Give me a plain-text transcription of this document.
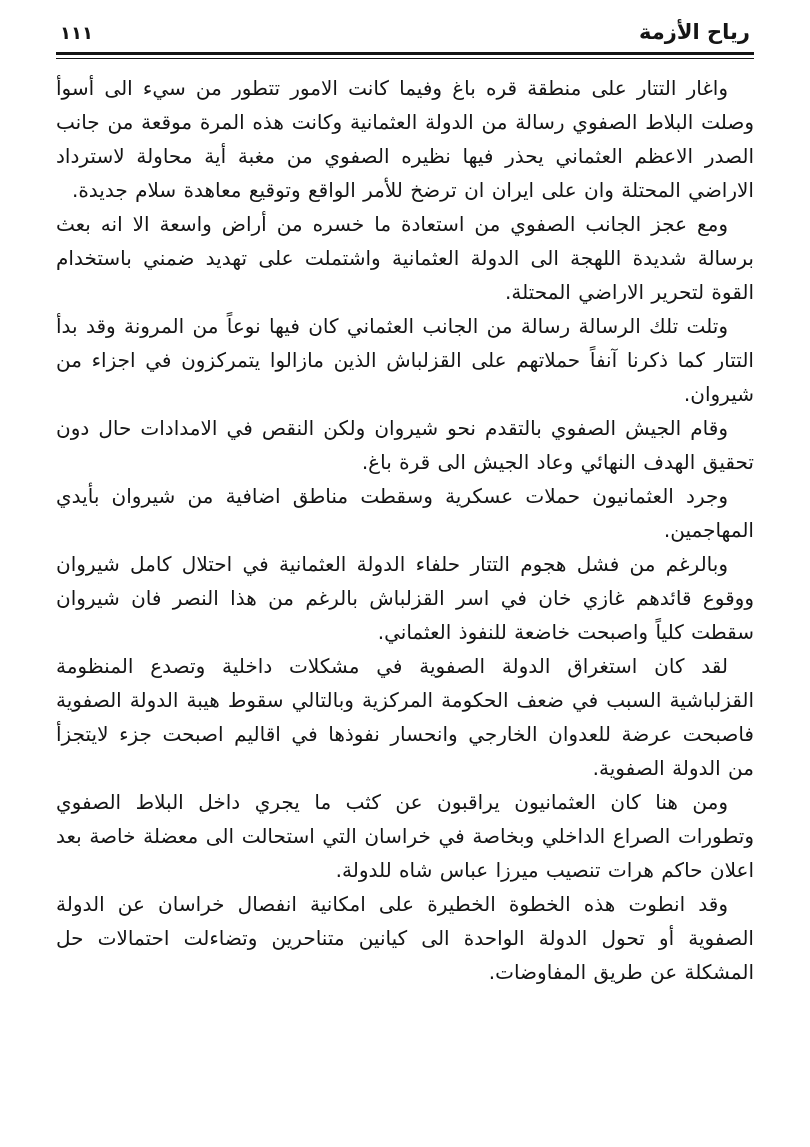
رياح الأزمة
١١١

واغار التتار على منطقة قره باغ وفيما كانت الامور تتطور من سيء الى أسوأ وصلت البلاط الصفوي رسالة من الدولة العثمانية وكانت هذه المرة موقعة من جانب الصدر الاعظم العثماني يحذر فيها نظيره الصفوي من مغبة أية محاولة لاسترداد الاراضي المحتلة وان على ايران ان ترضخ للأمر الواقع وتوقيع معاهدة سلام جديدة.

ومع عجز الجانب الصفوي من استعادة ما خسره من أراض واسعة الا انه بعث برسالة شديدة اللهجة الى الدولة العثمانية واشتملت على تهديد ضمني باستخدام القوة لتحرير الاراضي المحتلة.

وتلت تلك الرسالة رسالة من الجانب العثماني كان فيها نوعاً من المرونة وقد بدأ التتار كما ذكرنا آنفاً حملاتهم على القزلباش الذين مازالوا يتمركزون في اجزاء من شيروان.

وقام الجيش الصفوي بالتقدم نحو شيروان ولكن النقص في الامدادات حال دون تحقيق الهدف النهائي وعاد الجيش الى قرة باغ.

وجرد العثمانيون حملات عسكرية وسقطت مناطق اضافية من شيروان بأيدي المهاجمين.

وبالرغم من فشل هجوم التتار حلفاء الدولة العثمانية في احتلال كامل شيروان ووقوع قائدهم غازي خان في اسر القزلباش بالرغم من هذا النصر فان شيروان سقطت كلياً واصبحت خاضعة للنفوذ العثماني.

لقد كان استغراق الدولة الصفوية في مشكلات داخلية وتصدع المنظومة القزلباشية السبب في ضعف الحكومة المركزية وبالتالي سقوط هيبة الدولة الصفوية فاصبحت عرضة للعدوان الخارجي وانحسار نفوذها في اقاليم اصبحت جزء لايتجزأ من الدولة الصفوية.

ومن هنا كان العثمانيون يراقبون عن كثب ما يجري داخل البلاط الصفوي وتطورات الصراع الداخلي وبخاصة في خراسان التي استحالت الى معضلة خاصة بعد اعلان حاكم هرات تنصيب ميرزا عباس شاه للدولة.

وقد انطوت هذه الخطوة الخطيرة على امكانية انفصال خراسان عن الدولة الصفوية أو تحول الدولة الواحدة الى كيانين متناحرين وتضاءلت احتمالات حل المشكلة عن طريق المفاوضات.
